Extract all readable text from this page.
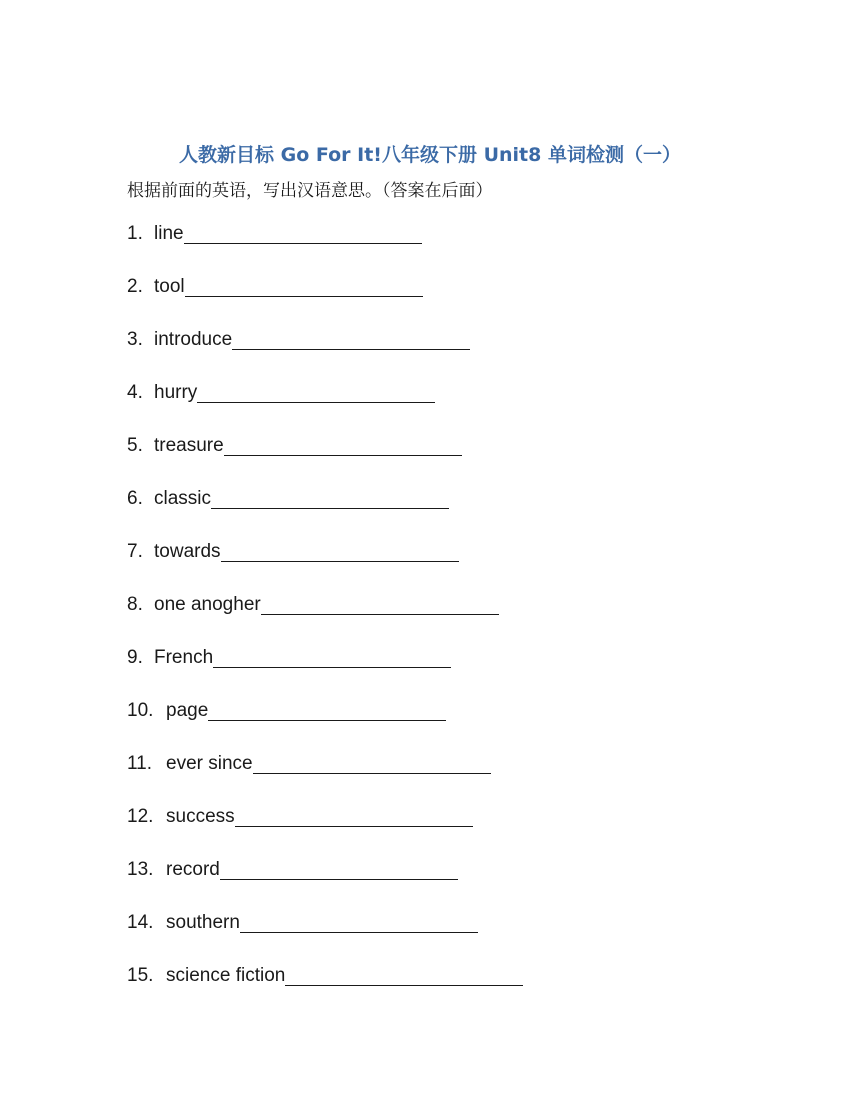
人教新目标 Go For It!八年级下册 Unit8 单词检测（一）
根据前面的英语，写出汉语意思。（答案在后面）
1. line
2. tool
3. introduce
4. hurry
5. treasure
6. classic
7. towards
8. one anogher
9. French
10. page
11. ever since
12. success
13. record
14. southern
15. science fiction
